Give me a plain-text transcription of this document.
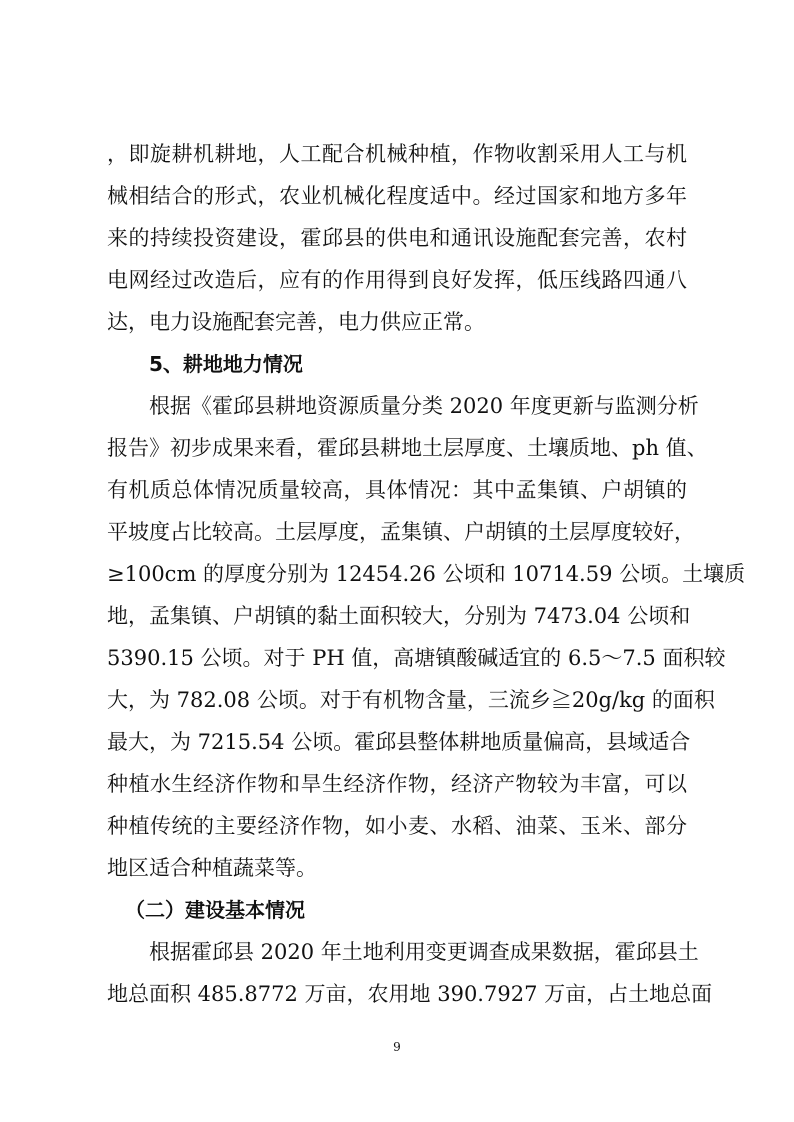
，即旋耕机耕地，人工配合机械种植，作物收割采用人工与机
械相结合的形式，农业机械化程度适中。经过国家和地方多年
来的持续投资建设，霍邱县的供电和通讯设施配套完善，农村
电网经过改造后，应有的作用得到良好发挥，低压线路四通八
达，电力设施配套完善，电力供应正常。
5、耕地地力情况
根据《霍邱县耕地资源质量分类 2020 年度更新与监测分析
报告》初步成果来看，霍邱县耕地土层厚度、土壤质地、ph 值、
有机质总体情况质量较高，具体情况：其中孟集镇、户胡镇的
平坡度占比较高。土层厚度，孟集镇、户胡镇的土层厚度较好，
≥100cm 的厚度分别为 12454.26 公顷和 10714.59 公顷。土壤质
地，孟集镇、户胡镇的黏土面积较大，分别为 7473.04 公顷和
5390.15 公顷。对于 PH 值，高塘镇酸碱适宜的 6.5～7.5 面积较
大，为 782.08 公顷。对于有机物含量，三流乡≧20g/kg 的面积
最大，为 7215.54 公顷。霍邱县整体耕地质量偏高，县域适合
种植水生经济作物和旱生经济作物，经济产物较为丰富，可以
种植传统的主要经济作物，如小麦、水稻、油菜、玉米、部分
地区适合种植蔬菜等。
（二）建设基本情况
根据霍邱县 2020 年土地利用变更调查成果数据，霍邱县土
地总面积 485.8772 万亩，农用地 390.7927 万亩，占土地总面
9
